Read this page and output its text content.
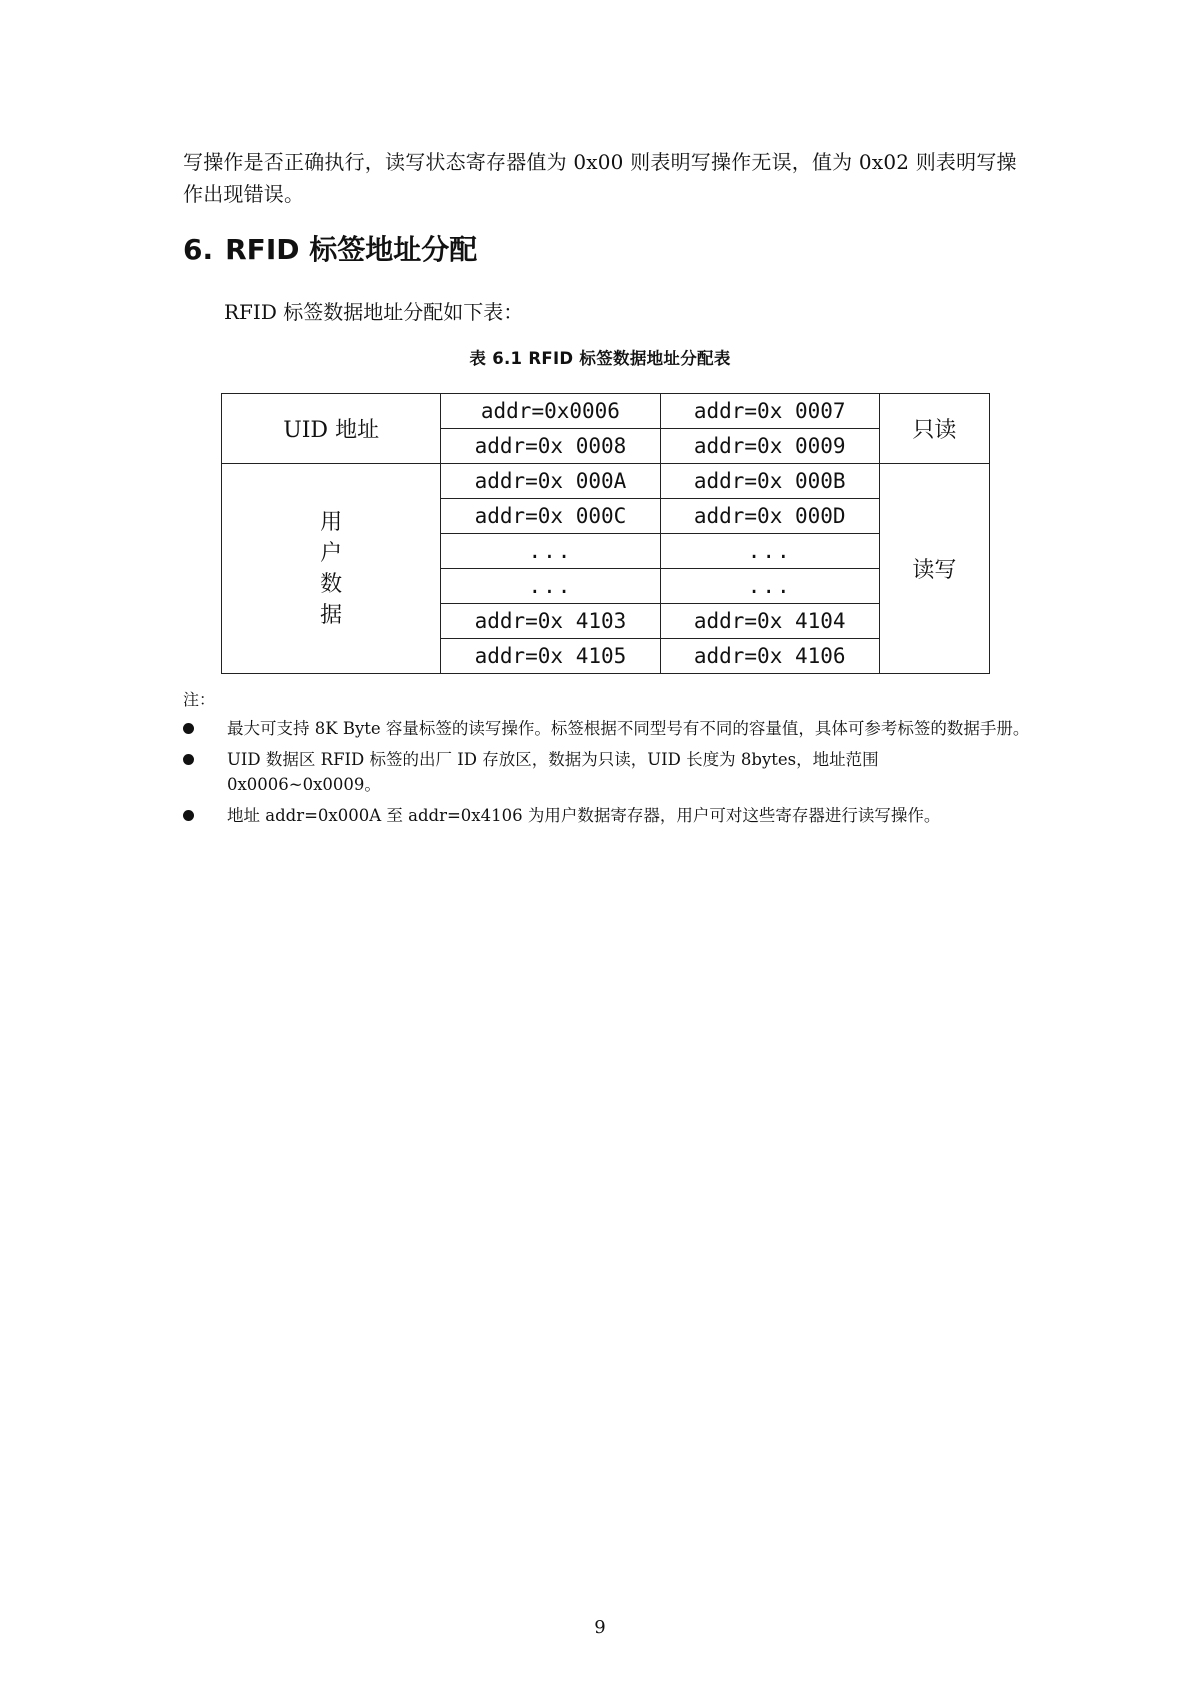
写操作是否正确执行，读写状态寄存器值为 0x00 则表明写操作无误，值为 0x02 则表明写操作出现错误。

6. RFID 标签地址分配
RFID 标签数据地址分配如下表：
表 6.1 RFID 标签数据地址分配表
UID 地址	addr=0x0006	addr=0x 0007	只读
	addr=0x 0008	addr=0x 0009	

用
户
数
据	addr=0x 000A	addr=0x 000B	读写
	addr=0x 000C	addr=0x 000D	
	...	...	
	...	...	
	addr=0x 4103	addr=0x 4104	
	addr=0x 4105	addr=0x 4106	
注：
最大可支持 8K Byte 容量标签的读写操作。标签根据不同型号有不同的容量值，具体可参考标签的数据手册。
UID 数据区 RFID 标签的出厂 ID 存放区，数据为只读，UID 长度为 8bytes，地址范围 0x0006~0x0009。
地址 addr=0x000A 至 addr=0x4106 为用户数据寄存器，用户可对这些寄存器进行读写操作。
9
